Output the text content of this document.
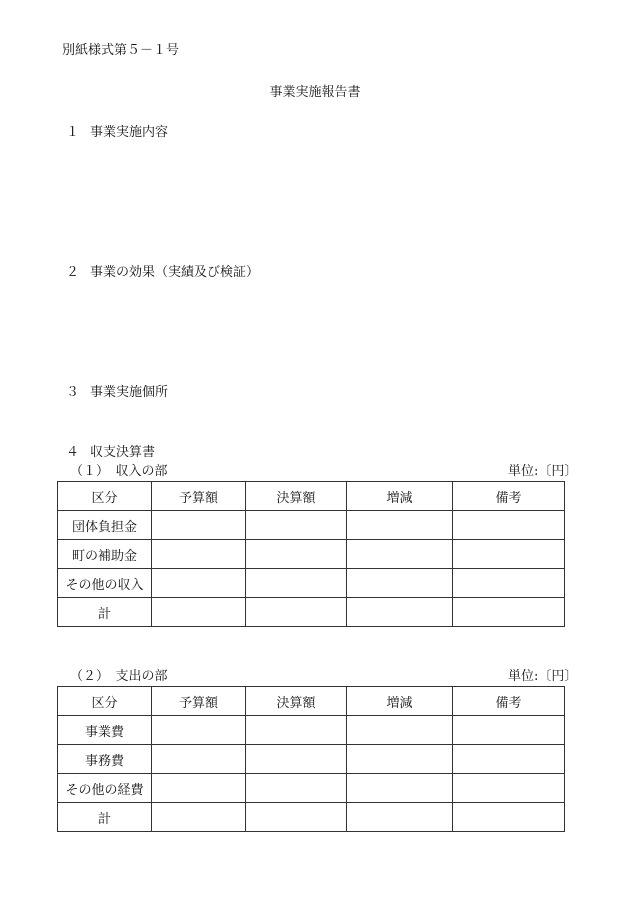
別紙様式第５－１号
事業実施報告書
１ 事業実施内容
２ 事業の効果（実績及び検証）
３ 事業実施個所
４ 収支決算書
（１）　収入の部	単位:〔円〕
区分	予算額	決算額	増減	備考
団体負担金				
町の補助金				
その他の収入				
計				
（２）　支出の部	単位:〔円〕
区分	予算額	決算額	増減	備考
事業費				
事務費				
その他の経費				
計				
